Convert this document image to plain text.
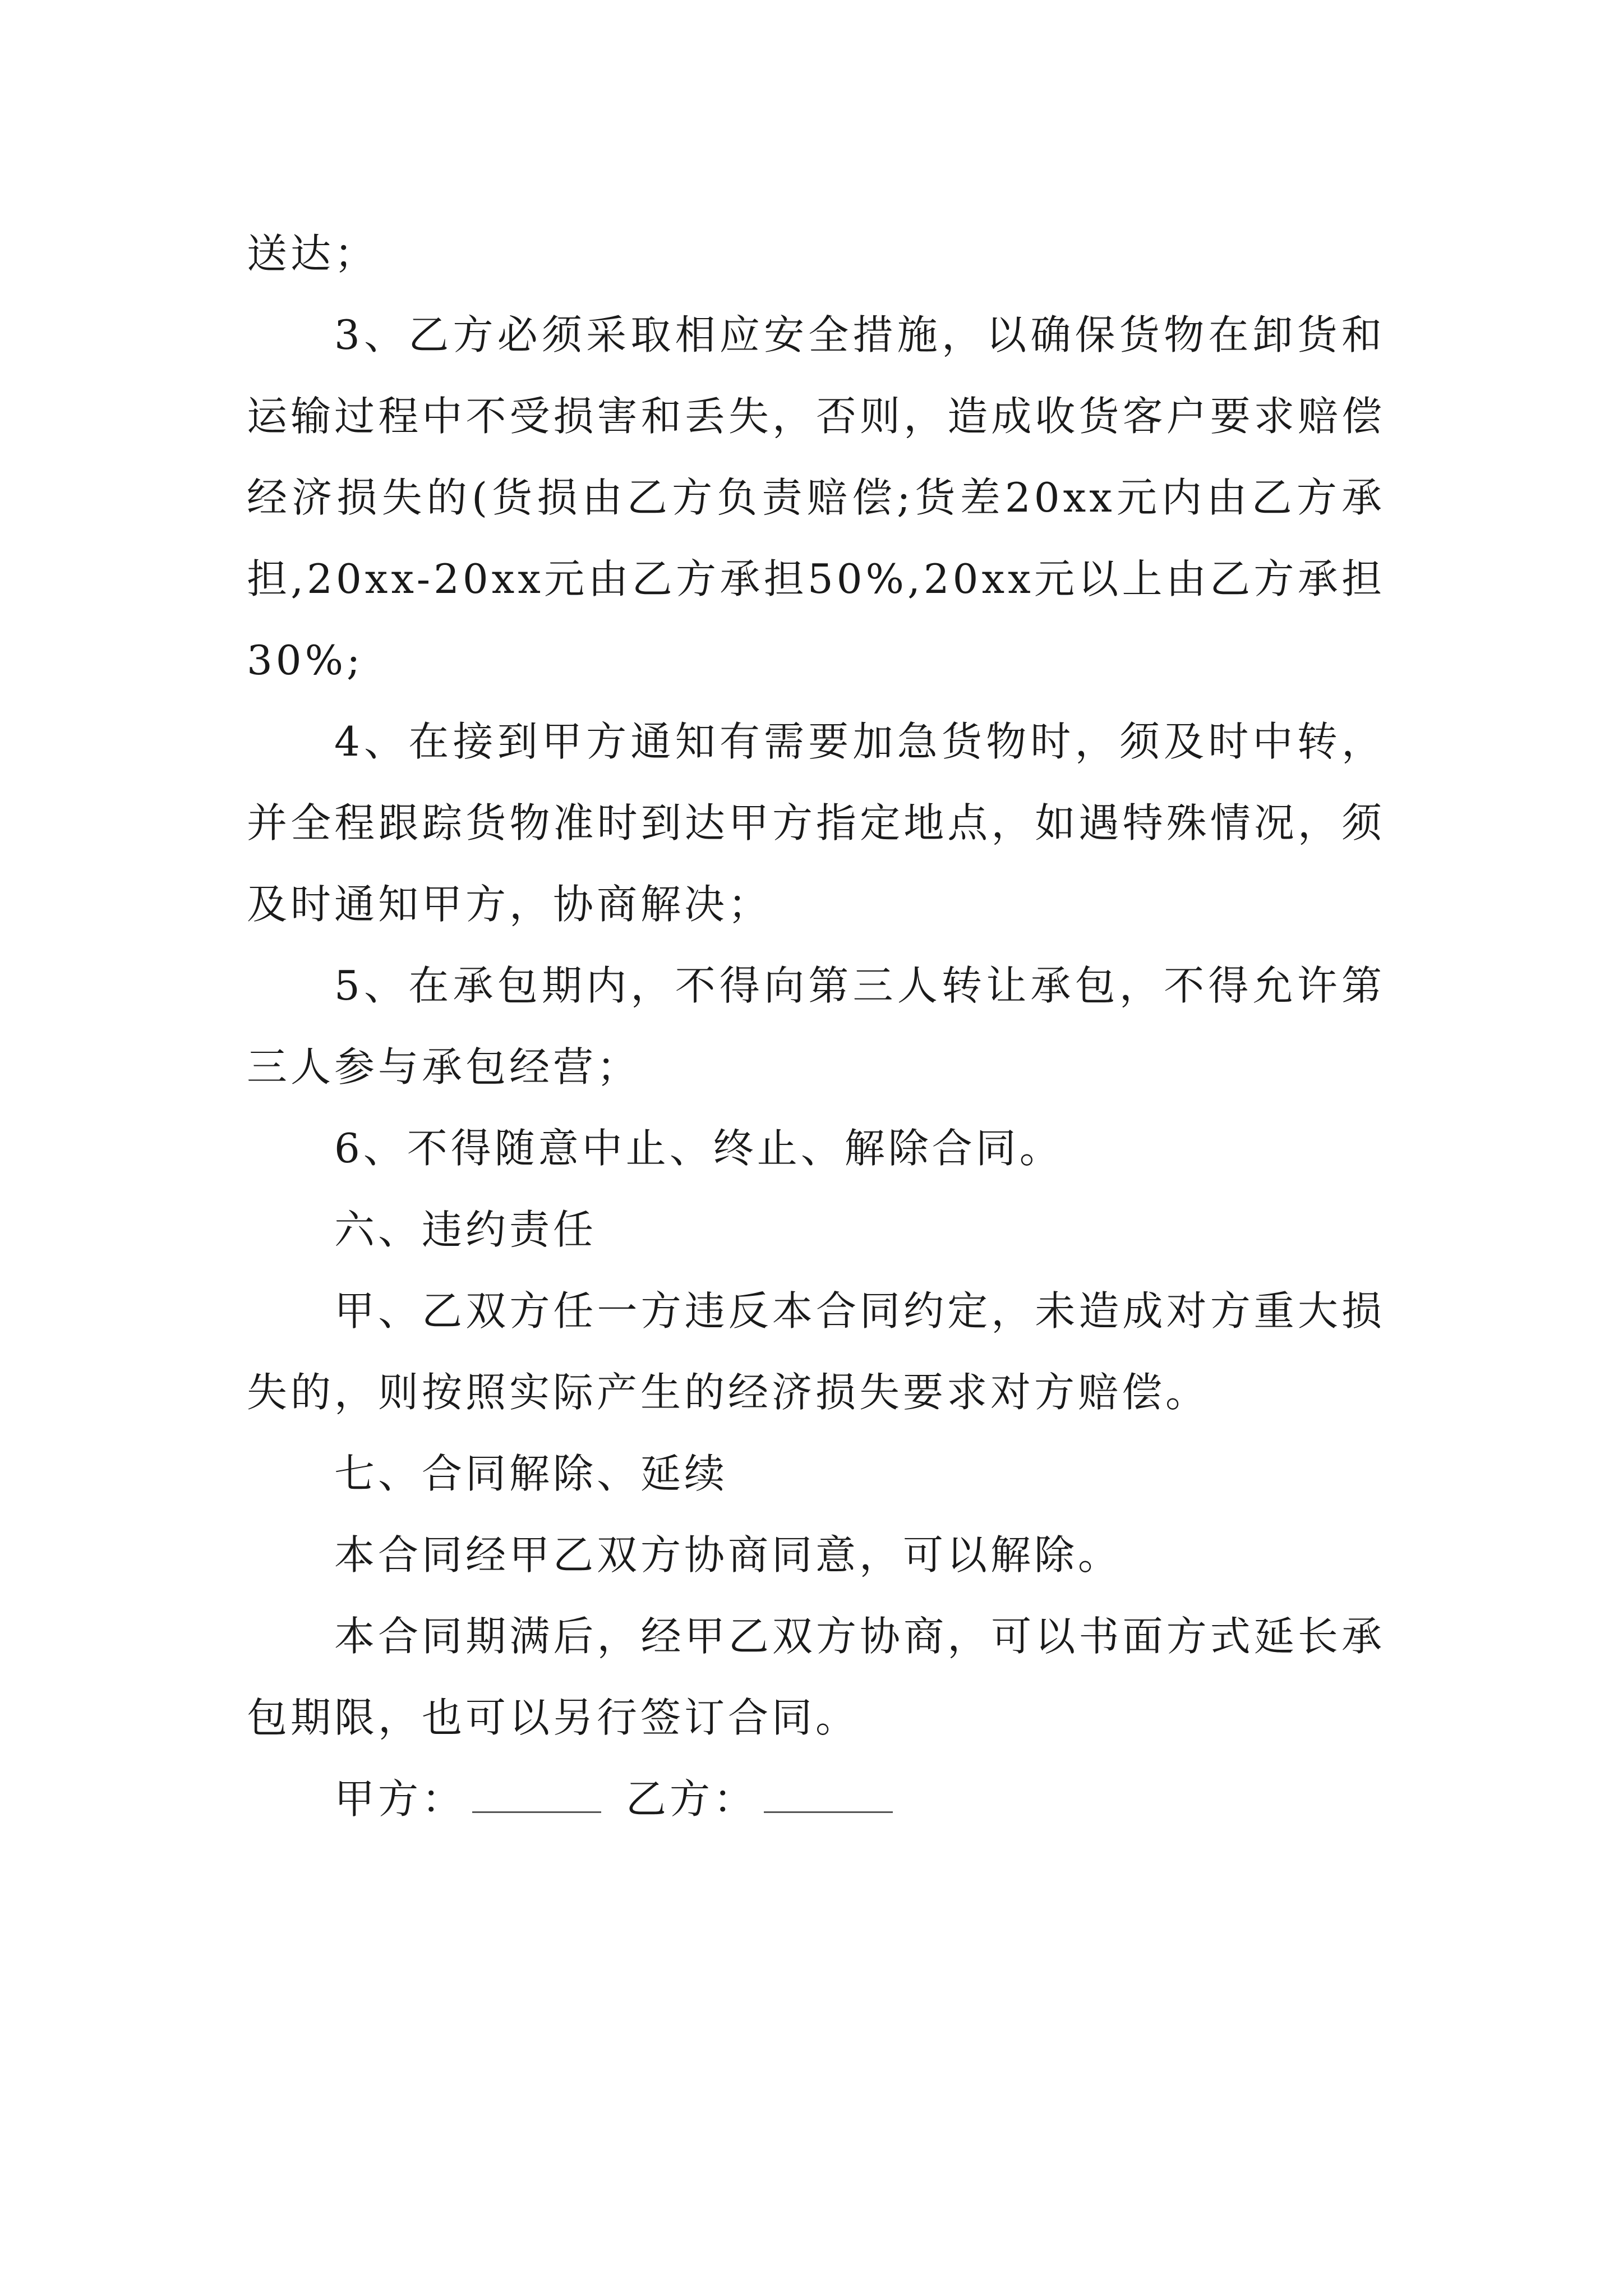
送达；

3、乙方必须采取相应安全措施，以确保货物在卸货和运输过程中不受损害和丢失，否则，造成收货客户要求赔偿经济损失的(货损由乙方负责赔偿;货差20xx元内由乙方承担,20xx-20xx元由乙方承担50%,20xx元以上由乙方承担30%;

4、在接到甲方通知有需要加急货物时，须及时中转，并全程跟踪货物准时到达甲方指定地点，如遇特殊情况，须及时通知甲方，协商解决；

5、在承包期内，不得向第三人转让承包，不得允许第三人参与承包经营；

6、不得随意中止、终止、解除合同。

六、违约责任

甲、乙双方任一方违反本合同约定，未造成对方重大损失的，则按照实际产生的经济损失要求对方赔偿。

七、合同解除、延续

本合同经甲乙双方协商同意，可以解除。

本合同期满后，经甲乙双方协商，可以书面方式延长承包期限，也可以另行签订合同。

甲方：	乙方：
